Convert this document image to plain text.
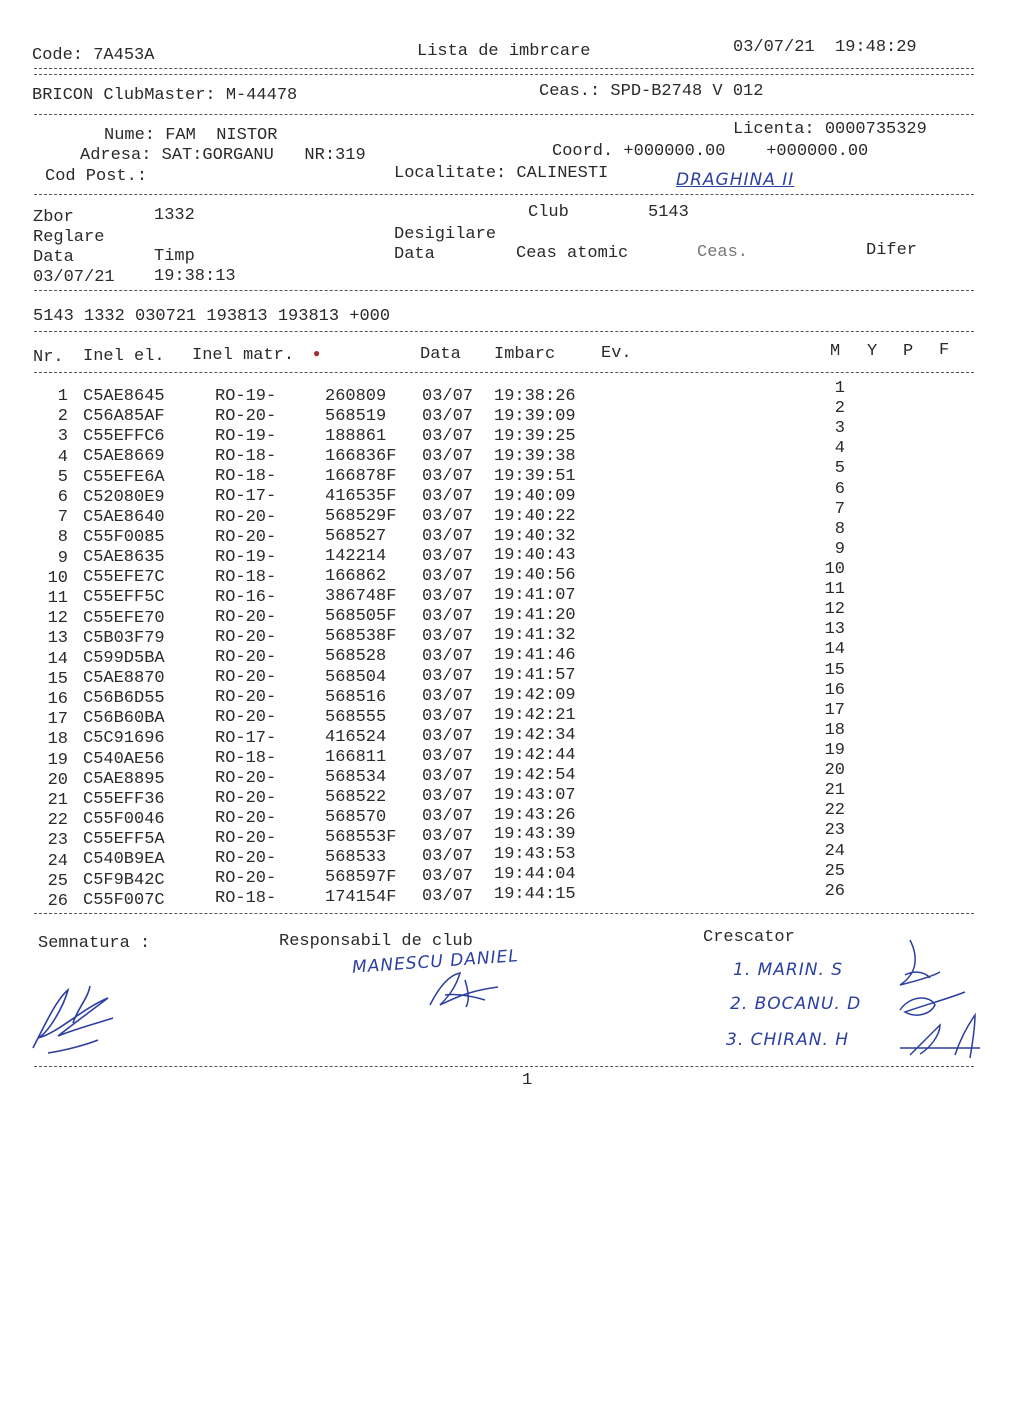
Code: 7A453A	Lista de imbrcare	03/07/21  19:48:29
BRICON ClubMaster: M-44478	Ceas.: SPD-B2748 V 012
Nume: FAM  NISTOR	Licenta: 0000735329
Adresa: SAT:GORGANU   NR:319	Coord. +000000.00    +000000.00
Cod Post.:	Localitate: CALINESTI	DRAGHINA II
Zbor	1332	Club	5143
Reglare	Desigilare
Data	Timp	Data	Ceas atomic	Ceas.	Difer
03/07/21 19:38:13
5143 1332 030721 193813 193813 +000
Nr. Inel el. Inel matr. ●	Data Imbarc	Ev.	M Y P F
1 C5AE8645	RO-19-	260809 03/07 19:38:26	1
2 C56A85AF	RO-20-	568519 03/07 19:39:09	2
3 C55EFFC6	RO-19-	188861 03/07 19:39:25	3
4 C5AE8669	RO-18-	166836F 03/07 19:39:38	4
5 C55EFE6A	RO-18-	166878F 03/07 19:39:51	5
6 C52080E9	RO-17-	416535F 03/07 19:40:09	6
7 C5AE8640	RO-20-	568529F 03/07 19:40:22	7
8 C55F0085	RO-20-	568527 03/07 19:40:32	8
9 C5AE8635	RO-19-	142214 03/07 19:40:43	9
10 C55EFE7C	RO-18-	166862 03/07 19:40:56	10
11 C55EFF5C	RO-16-	386748F 03/07 19:41:07	11
12 C55EFE70	RO-20-	568505F 03/07 19:41:20	12
13 C5B03F79	RO-20-	568538F 03/07 19:41:32	13
14 C599D5BA	RO-20-	568528 03/07 19:41:46	14
15 C5AE8870	RO-20-	568504 03/07 19:41:57	15
16 C56B6D55	RO-20-	568516 03/07 19:42:09	16
17 C56B60BA	RO-20-	568555 03/07 19:42:21	17
18 C5C91696	RO-17-	416524 03/07 19:42:34	18
19 C540AE56	RO-18-	166811 03/07 19:42:44	19
20 C5AE8895	RO-20-	568534 03/07 19:42:54	20
21 C55EFF36	RO-20-	568522 03/07 19:43:07	21
22 C55F0046	RO-20-	568570 03/07 19:43:26	22
23 C55EFF5A	RO-20-	568553F 03/07 19:43:39	23
24 C540B9EA	RO-20-	568533 03/07 19:43:53	24
25 C5F9B42C	RO-20-	568597F 03/07 19:44:04	25
26 C55F007C	RO-18-	174154F 03/07 19:44:15	26
Semnatura :	Responsabil de club	Crescator
MANESCU DANIEL	1. MARIN. S
2. BOCANU. D
3. CHIRAN. H
1
